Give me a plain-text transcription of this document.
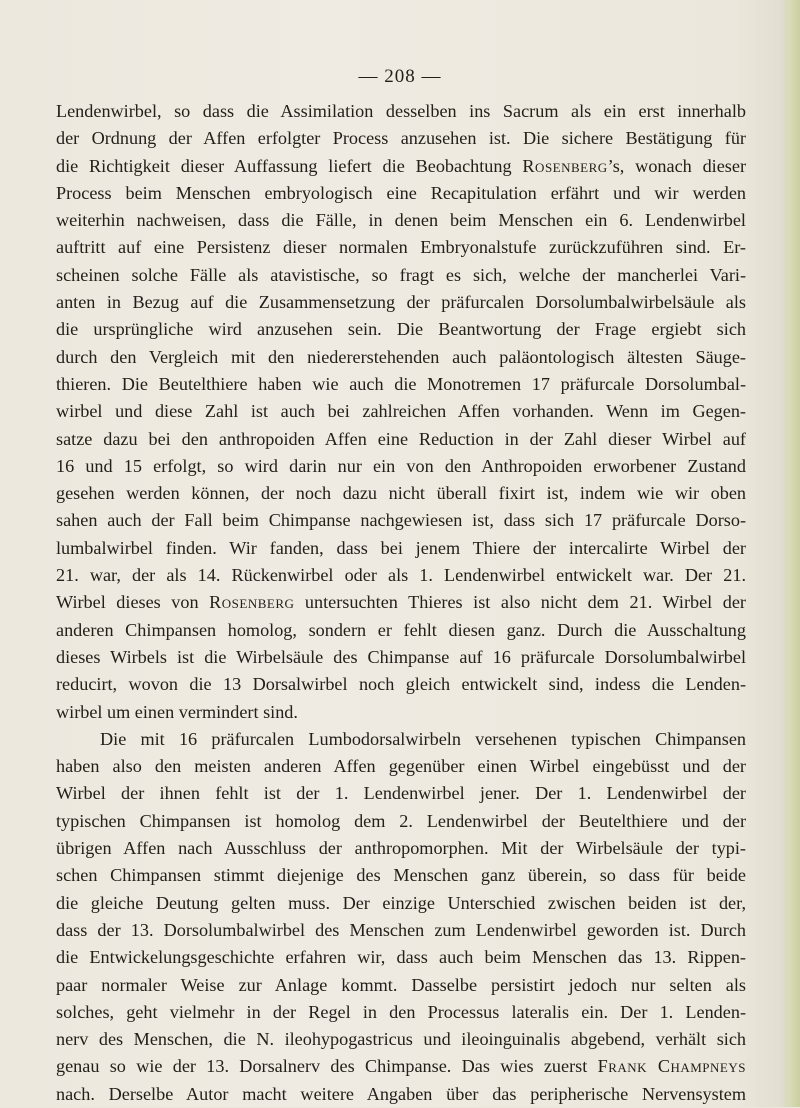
— 208 —
Lendenwirbel, so dass die Assimilation desselben ins Sacrum als ein erst innerhalb
der Ordnung der Affen erfolgter Process anzusehen ist. Die sichere Bestätigung für
die Richtigkeit dieser Auffassung liefert die Beobachtung Rosenberg’s, wonach dieser
Process beim Menschen embryologisch eine Recapitulation erfährt und wir werden
weiterhin nachweisen, dass die Fälle, in denen beim Menschen ein 6. Lendenwirbel
auftritt auf eine Persistenz dieser normalen Embryonalstufe zurückzuführen sind. Er-
scheinen solche Fälle als atavistische, so fragt es sich, welche der mancherlei Vari-
anten in Bezug auf die Zusammensetzung der präfurcalen Dorsolumbalwirbelsäule als
die ursprüngliche wird anzusehen sein. Die Beantwortung der Frage ergiebt sich
durch den Vergleich mit den niedererstehenden auch paläontologisch ältesten Säuge-
thieren. Die Beutelthiere haben wie auch die Monotremen 17 präfurcale Dorsolumbal-
wirbel und diese Zahl ist auch bei zahlreichen Affen vorhanden. Wenn im Gegen-
satze dazu bei den anthropoiden Affen eine Reduction in der Zahl dieser Wirbel auf
16 und 15 erfolgt, so wird darin nur ein von den Anthropoiden erworbener Zustand
gesehen werden können, der noch dazu nicht überall fixirt ist, indem wie wir oben
sahen auch der Fall beim Chimpanse nachgewiesen ist, dass sich 17 präfurcale Dorso-
lumbalwirbel finden. Wir fanden, dass bei jenem Thiere der intercalirte Wirbel der
21. war, der als 14. Rückenwirbel oder als 1. Lendenwirbel entwickelt war. Der 21.
Wirbel dieses von Rosenberg untersuchten Thieres ist also nicht dem 21. Wirbel der
anderen Chimpansen homolog, sondern er fehlt diesen ganz. Durch die Ausschaltung
dieses Wirbels ist die Wirbelsäule des Chimpanse auf 16 präfurcale Dorsolumbalwirbel
reducirt, wovon die 13 Dorsalwirbel noch gleich entwickelt sind, indess die Lenden-
wirbel um einen vermindert sind.
Die mit 16 präfurcalen Lumbodorsalwirbeln versehenen typischen Chimpansen
haben also den meisten anderen Affen gegenüber einen Wirbel eingebüsst und der
Wirbel der ihnen fehlt ist der 1. Lendenwirbel jener. Der 1. Lendenwirbel der
typischen Chimpansen ist homolog dem 2. Lendenwirbel der Beutelthiere und der
übrigen Affen nach Ausschluss der anthropomorphen. Mit der Wirbelsäule der typi-
schen Chimpansen stimmt diejenige des Menschen ganz überein, so dass für beide
die gleiche Deutung gelten muss. Der einzige Unterschied zwischen beiden ist der,
dass der 13. Dorsolumbalwirbel des Menschen zum Lendenwirbel geworden ist. Durch
die Entwickelungsgeschichte erfahren wir, dass auch beim Menschen das 13. Rippen-
paar normaler Weise zur Anlage kommt. Dasselbe persistirt jedoch nur selten als
solches, geht vielmehr in der Regel in den Processus lateralis ein. Der 1. Lenden-
nerv des Menschen, die N. ileohypogastricus und ileoinguinalis abgebend, verhält sich
genau so wie der 13. Dorsalnerv des Chimpanse. Das wies zuerst Frank Champneys
nach. Derselbe Autor macht weitere Angaben über das peripherische Nervensystem
